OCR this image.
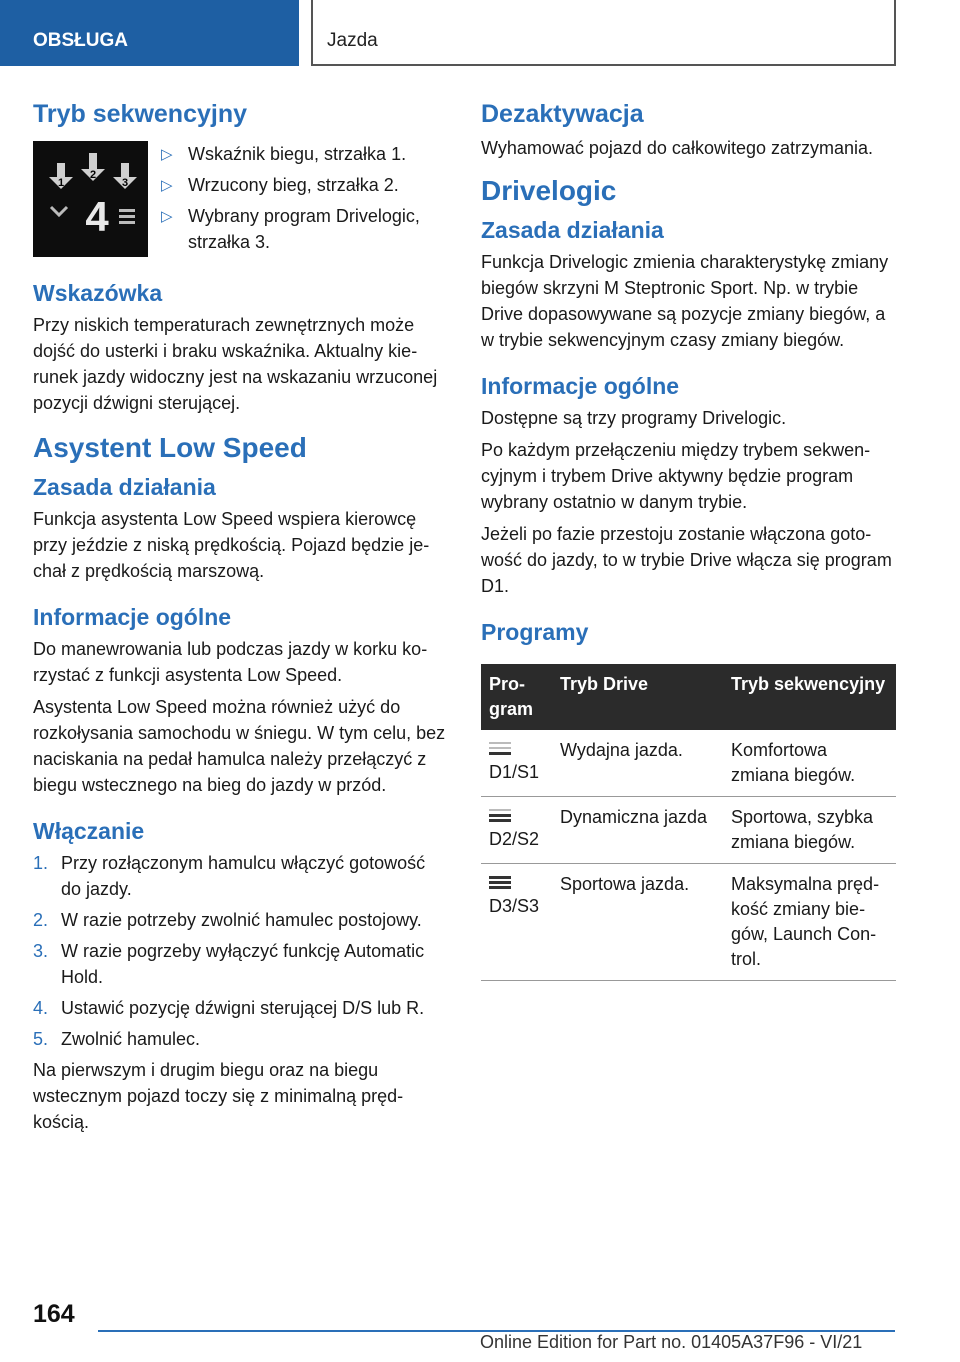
OBSŁUGA	Jazda
Tryb sekwencyjny
1
2
3
4
▷ Wskaźnik biegu, strzałka 1.
▷ Wrzucony bieg, strzałka 2.
▷ Wybrany program Drivelogic, strzałka 3.
Wskazówka

Przy niskich temperaturach zewnętrznych może dojść do usterki i braku wskaźnika. Aktualny kierunek jazdy widoczny jest na wskazaniu wrzuconej pozycji dźwigni sterującej.

Asystent Low Speed
Zasada działania

Funkcja asystenta Low Speed wspiera kierowcę przy jeździe z niską prędkością. Pojazd będzie jechał z prędkością marszową.

Informacje ogólne

Do manewrowania lub podczas jazdy w korku korzystać z funkcji asystenta Low Speed.

Asystenta Low Speed można również użyć do rozkołysania samochodu w śniegu. W tym celu, bez naciskania na pedał hamulca należy przełączyć z biegu wstecznego na bieg do jazdy w przód.

Włączanie
1. Przy rozłączonym hamulcu włączyć gotowość do jazdy.
2. W razie potrzeby zwolnić hamulec postojowy.
3. W razie pogrzeby wyłączyć funkcję Automatic Hold.
4. Ustawić pozycję dźwigni sterującej D/S lub R.
5. Zwolnić hamulec.

Na pierwszym i drugim biegu oraz na biegu wstecznym pojazd toczy się z minimalną prędkością.

Dezaktywacja

Wyhamować pojazd do całkowitego zatrzymania.

Drivelogic
Zasada działania

Funkcja Drivelogic zmienia charakterystykę zmiany biegów skrzyni M Steptronic Sport. Np. w trybie Drive dopasowywane są pozycje zmiany biegów, a w trybie sekwencyjnym czasy zmiany biegów.

Informacje ogólne

Dostępne są trzy programy Drivelogic.

Po każdym przełączeniu między trybem sekwencyjnym i trybem Drive aktywny będzie program wybrany ostatnio w danym trybie.

Jeżeli po fazie przestoju zostanie włączona gotowość do jazdy, to w trybie Drive włącza się program D1.

Programy
Program	Tryb Drive	Tryb sekwencyjny

D1/S1	Wydajna jazda.	Komfortowa zmiana biegów.

D2/S2	Dynamiczna jazda	Sportowa, szybka zmiana biegów.

D3/S3	Sportowa jazda.	Maksymalna prędkość zmiany biegów, Launch Control.
164
Online Edition for Part no. 01405A37F96 - VI/21
